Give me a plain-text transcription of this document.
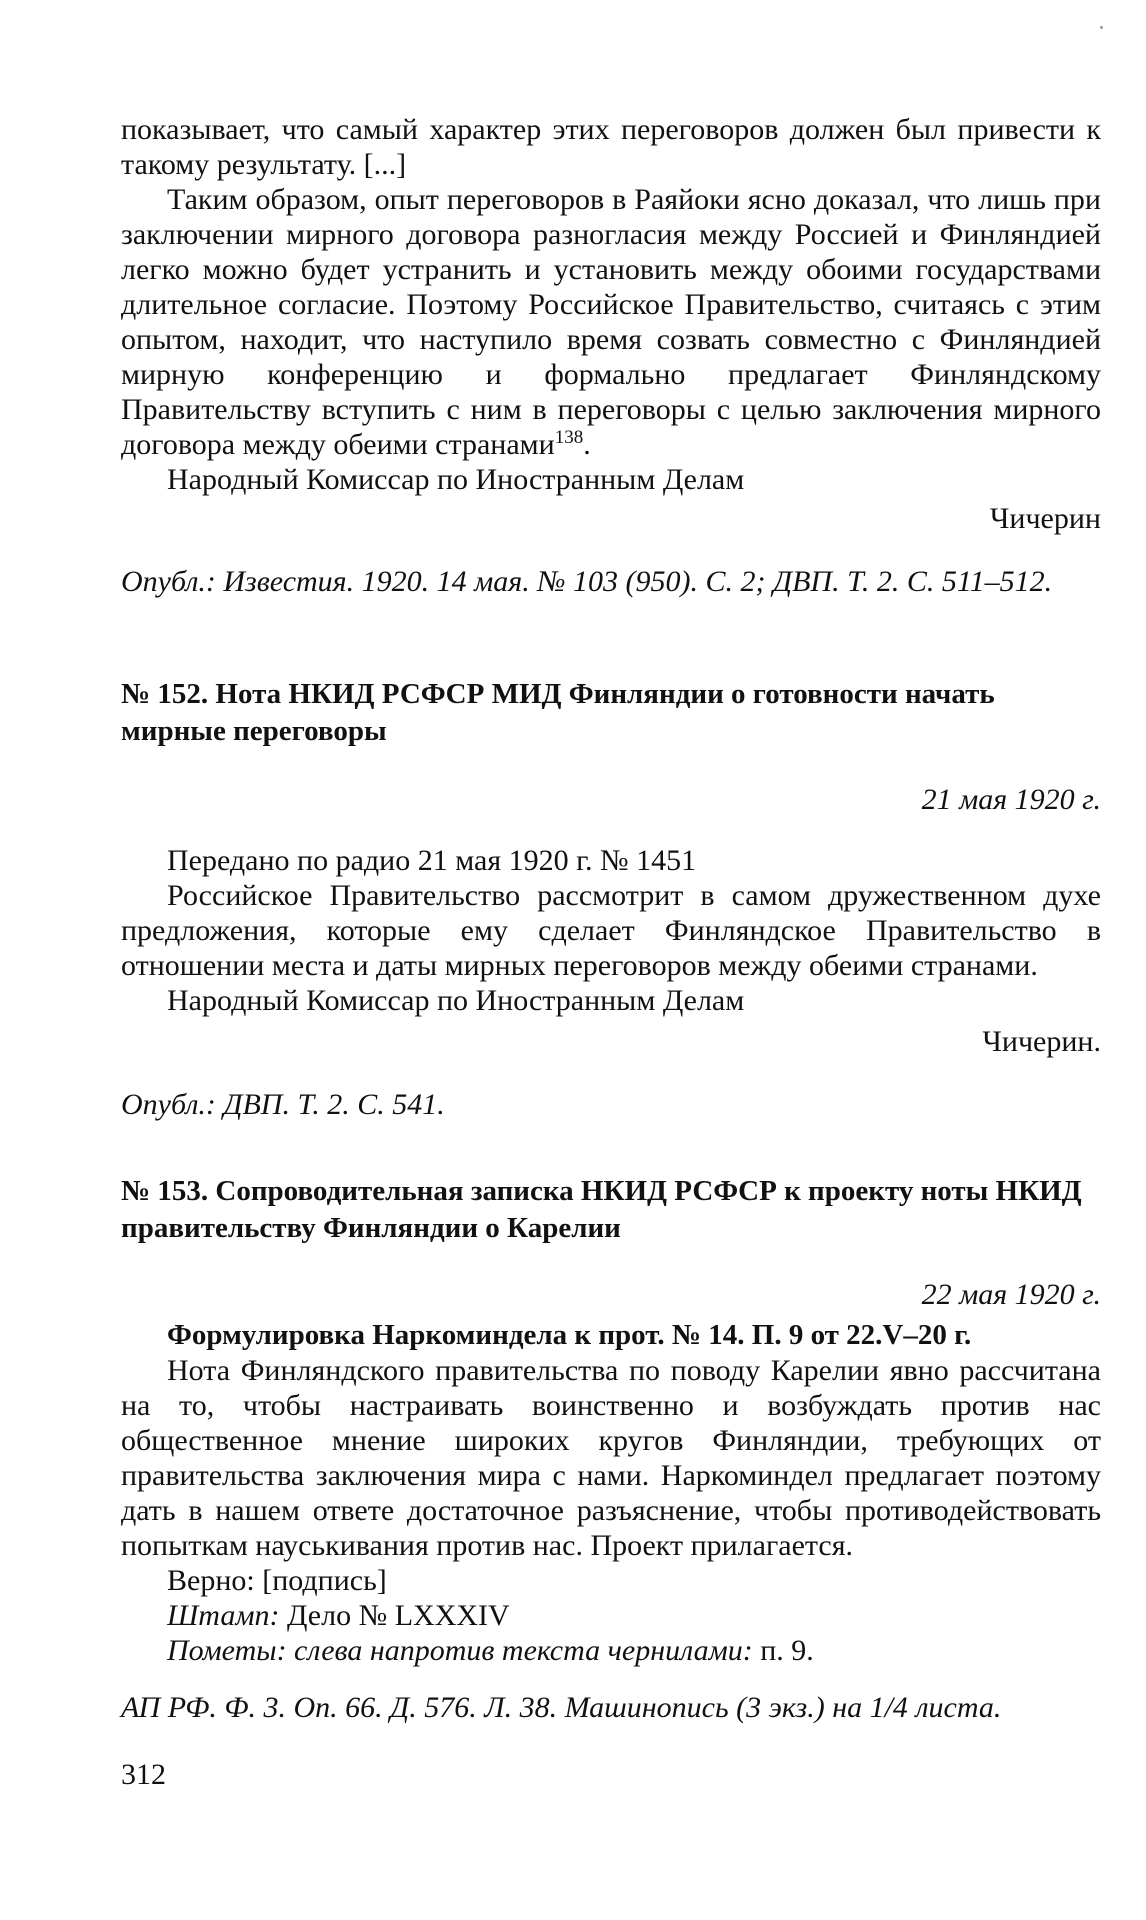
показывает, что самый характер этих переговоров должен был привести к такому результату. [...]

Таким образом, опыт переговоров в Раяйоки ясно доказал, что лишь при заключении мирного договора разногласия между Россией и Финляндией легко можно будет устранить и установить между обоими государствами длительное согласие. Поэтому Российское Правительство, считаясь с этим опытом, находит, что наступило время созвать совместно с Финляндией мирную конференцию и формально предлагает Финляндскому Правительству вступить с ним в переговоры с целью заключения мирного договора между обеими странами$^{138}$.

Народный Комиссар по Иностранным Делам
Чичерин
Опубл.: Известия. 1920. 14 мая. № 103 (950). С. 2; ДВП. Т. 2. С. 511–512.
№ 152. Нота НКИД РСФСР МИД Финляндии о готовности начать мирные переговоры
21 мая 1920 г.
Передано по радио 21 мая 1920 г. № 1451

Российское Правительство рассмотрит в самом дружественном духе предложения, которые ему сделает Финляндское Правительство в отношении места и даты мирных переговоров между обеими странами.

Народный Комиссар по Иностранным Делам
Чичерин.
Опубл.: ДВП. Т. 2. С. 541.
№ 153. Сопроводительная записка НКИД РСФСР к проекту ноты НКИД правительству Финляндии о Карелии
22 мая 1920 г.
Формулировка Наркоминдела к прот. № 14. П. 9 от 22.V–20 г.

Нота Финляндского правительства по поводу Карелии явно рассчитана на то, чтобы настраивать воинственно и возбуждать против нас общественное мнение широких кругов Финляндии, требующих от правительства заключения мира с нами. Наркоминдел предлагает поэтому дать в нашем ответе достаточное разъяснение, чтобы противодействовать попыткам науськивания против нас. Проект прилагается.

Верно: [подпись]
Штамп: Дело № LXXXIV
Пометы: слева напротив текста чернилами: п. 9.
АП РФ. Ф. 3. Оп. 66. Д. 576. Л. 38. Машинопись (3 экз.) на 1/4 листа.
312
